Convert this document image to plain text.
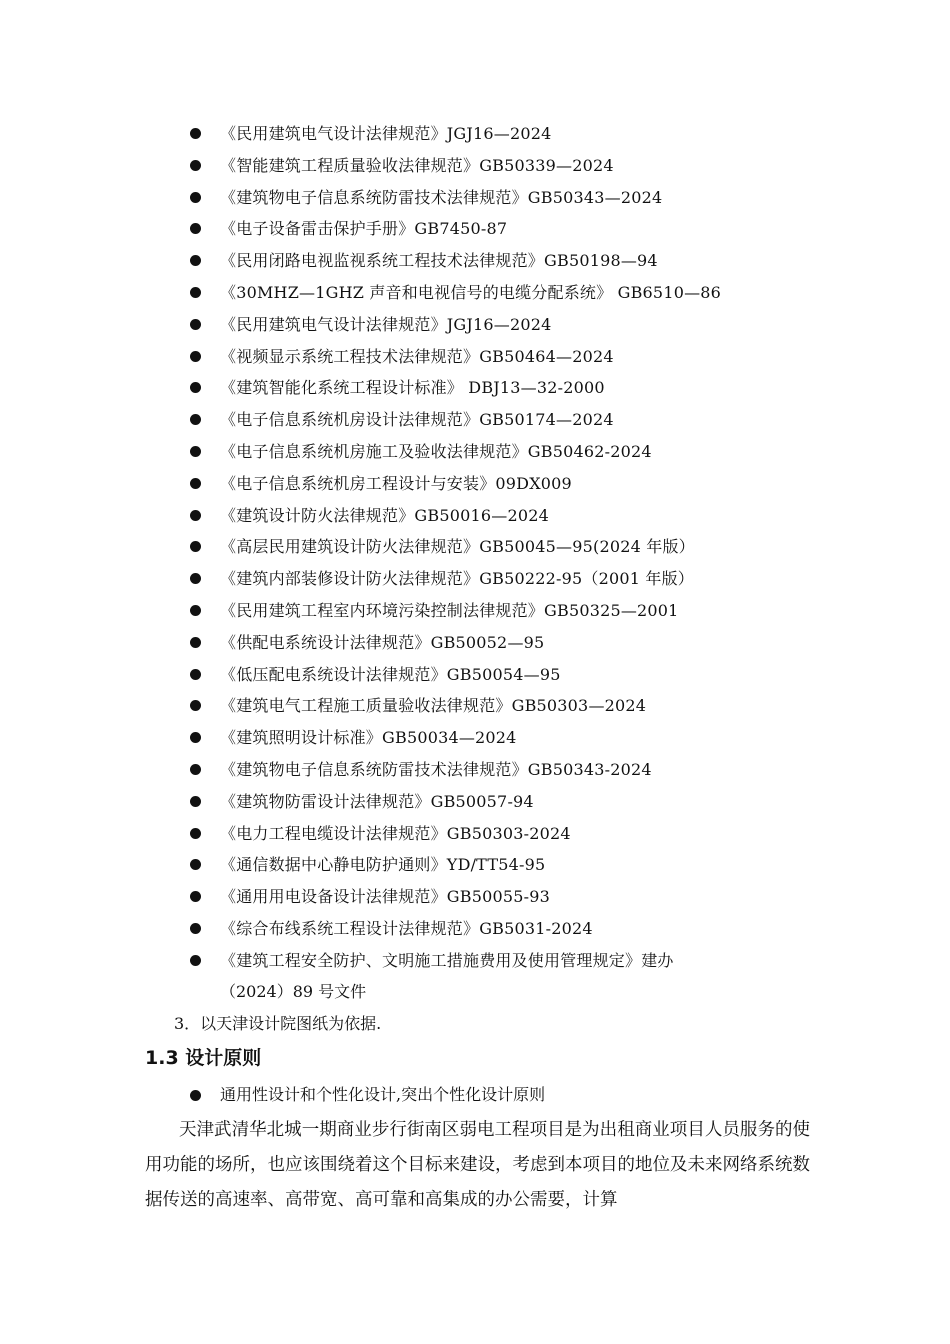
《民用建筑电气设计法律规范》JGJ16—2024
《智能建筑工程质量验收法律规范》GB50339—2024
《建筑物电子信息系统防雷技术法律规范》GB50343—2024
《电子设备雷击保护手册》GB7450-87
《民用闭路电视监视系统工程技术法律规范》GB50198—94
《30MHZ—1GHZ 声音和电视信号的电缆分配系统》 GB6510—86
《民用建筑电气设计法律规范》JGJ16—2024
《视频显示系统工程技术法律规范》GB50464—2024
《建筑智能化系统工程设计标准》 DBJ13—32-2000
《电子信息系统机房设计法律规范》GB50174—2024
《电子信息系统机房施工及验收法律规范》GB50462-2024
《电子信息系统机房工程设计与安装》09DX009
《建筑设计防火法律规范》GB50016—2024
《高层民用建筑设计防火法律规范》GB50045—95(2024 年版）
《建筑内部装修设计防火法律规范》GB50222-95（2001 年版）
《民用建筑工程室内环境污染控制法律规范》GB50325—2001
《供配电系统设计法律规范》GB50052—95
《低压配电系统设计法律规范》GB50054—95
《建筑电气工程施工质量验收法律规范》GB50303—2024
《建筑照明设计标准》GB50034—2024
《建筑物电子信息系统防雷技术法律规范》GB50343-2024
《建筑物防雷设计法律规范》GB50057-94
《电力工程电缆设计法律规范》GB50303-2024
《通信数据中心静电防护通则》YD/TT54-95
《通用用电设备设计法律规范》GB50055-93
《综合布线系统工程设计法律规范》GB5031-2024
《建筑工程安全防护、文明施工措施费用及使用管理规定》建办
（2024）89 号文件
3．以天津设计院图纸为依据.
1.3 设计原则
通用性设计和个性化设计,突出个性化设计原则

天津武清华北城一期商业步行街南区弱电工程项目是为出租商业项目人员服务的使用功能的场所，也应该围绕着这个目标来建设，考虑到本项目的地位及未来网络系统数据传送的高速率、高带宽、高可靠和高集成的办公需要，计算
